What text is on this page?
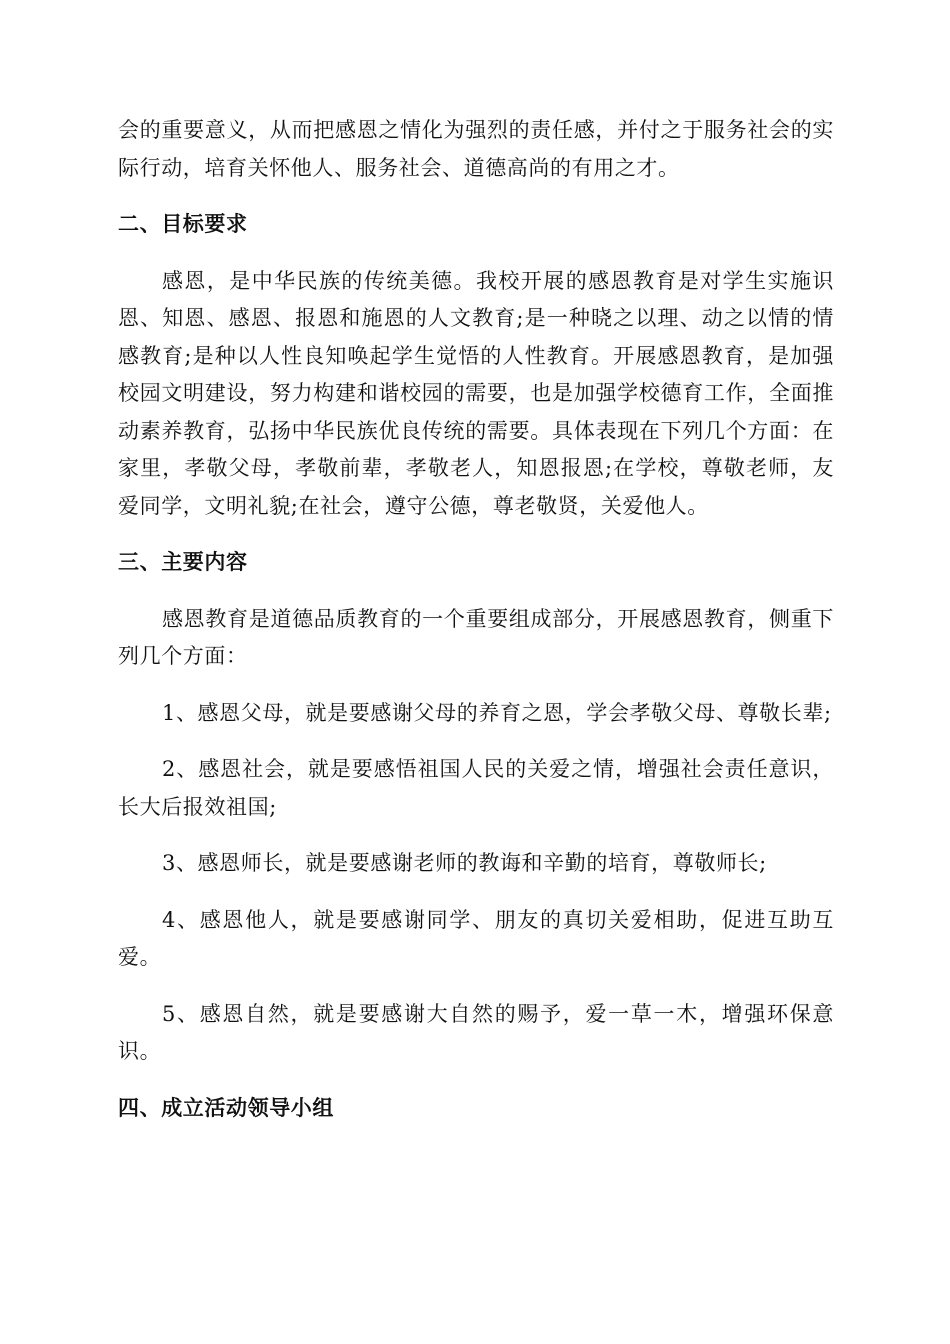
会的重要意义，从而把感恩之情化为强烈的责任感，并付之于服务社会的实际行动，培育关怀他人、服务社会、道德高尚的有用之才。

二、目标要求

感恩，是中华民族的传统美德。我校开展的感恩教育是对学生实施识恩、知恩、感恩、报恩和施恩的人文教育;是一种晓之以理、动之以情的情感教育;是种以人性良知唤起学生觉悟的人性教育。开展感恩教育，是加强校园文明建设，努力构建和谐校园的需要，也是加强学校德育工作，全面推动素养教育，弘扬中华民族优良传统的需要。具体表现在下列几个方面：在家里，孝敬父母，孝敬前辈，孝敬老人，知恩报恩;在学校，尊敬老师，友爱同学，文明礼貌;在社会，遵守公德，尊老敬贤，关爱他人。

三、主要内容

感恩教育是道德品质教育的一个重要组成部分，开展感恩教育，侧重下列几个方面：

1、感恩父母，就是要感谢父母的养育之恩，学会孝敬父母、尊敬长辈;

2、感恩社会，就是要感悟祖国人民的关爱之情，增强社会责任意识，长大后报效祖国;

3、感恩师长，就是要感谢老师的教诲和辛勤的培育，尊敬师长;

4、感恩他人，就是要感谢同学、朋友的真切关爱相助，促进互助互爱。

5、感恩自然，就是要感谢大自然的赐予，爱一草一木，增强环保意识。

四、成立活动领导小组
